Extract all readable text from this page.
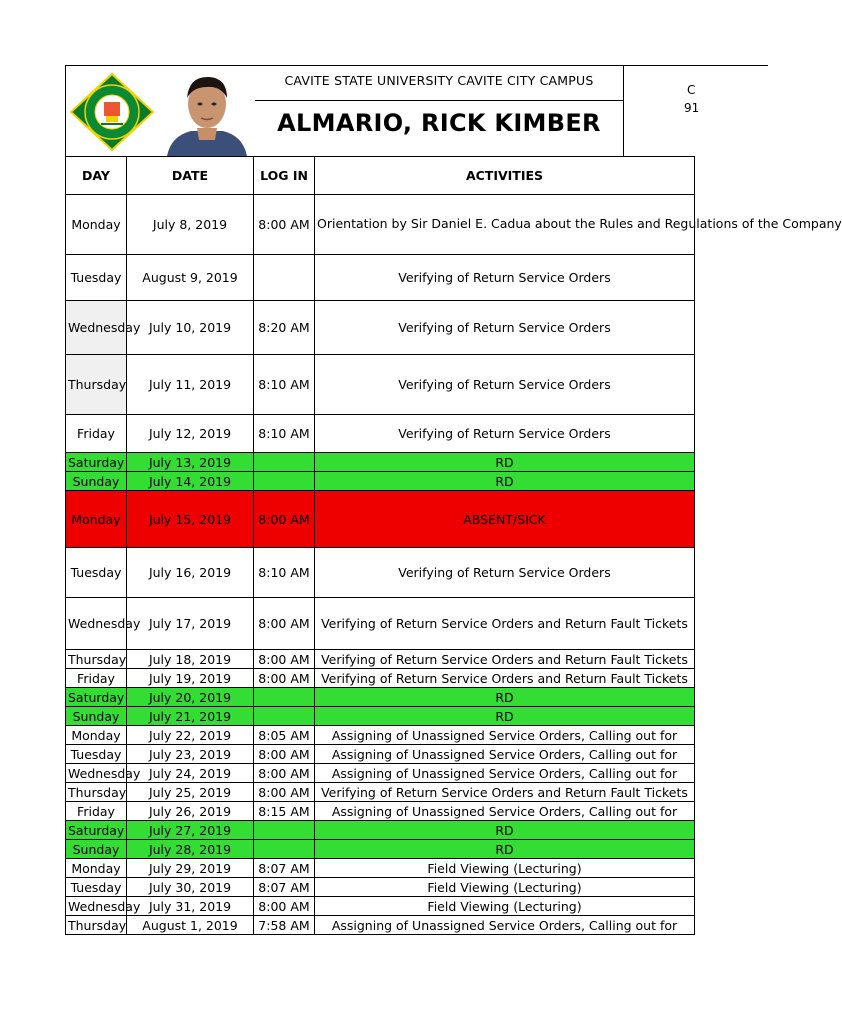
CAVITE STATE UNIVERSITY CAVITE CITY CAMPUS
ALMARIO, RICK KIMBER
C
91
DAY	DATE	LOG IN	ACTIVITIES
Monday	July 8, 2019	8:00 AM	Orientation by Sir Daniel E. Cadua about the Rules and Regulations of the Company

Tuesday	August 9, 2019		Verifying of Return Service Orders
Wednesday	July 10, 2019	8:20 AM	Verifying of Return Service Orders
Thursday	July 11, 2019	8:10 AM	Verifying of Return Service Orders
Friday	July 12, 2019	8:10 AM	Verifying of Return Service Orders
Saturday	July 13, 2019		RD
Sunday	July 14, 2019		RD
Monday	July 15, 2019	8:00 AM	ABSENT/SICK
Tuesday	July 16, 2019	8:10 AM	Verifying of Return Service Orders
Wednesday	July 17, 2019	8:00 AM	Verifying of Return Service Orders and Return Fault Tickets
Thursday	July 18, 2019	8:00 AM	Verifying of Return Service Orders and Return Fault Tickets
Friday	July 19, 2019	8:00 AM	Verifying of Return Service Orders and Return Fault Tickets
Saturday	July 20, 2019		RD
Sunday	July 21, 2019		RD
Monday	July 22, 2019	8:05 AM	Assigning of Unassigned Service Orders, Calling out for
Tuesday	July 23, 2019	8:00 AM	Assigning of Unassigned Service Orders, Calling out for
Wednesday	July 24, 2019	8:00 AM	Assigning of Unassigned Service Orders, Calling out for
Thursday	July 25, 2019	8:00 AM	Verifying of Return Service Orders and Return Fault Tickets
Friday	July 26, 2019	8:15 AM	Assigning of Unassigned Service Orders, Calling out for
Saturday	July 27, 2019		RD
Sunday	July 28, 2019		RD
Monday	July 29, 2019	8:07 AM	Field Viewing (Lecturing)
Tuesday	July 30, 2019	8:07 AM	Field Viewing (Lecturing)
Wednesday	July 31, 2019	8:00 AM	Field Viewing (Lecturing)
Thursday	August 1, 2019	7:58 AM	Assigning of Unassigned Service Orders, Calling out for
